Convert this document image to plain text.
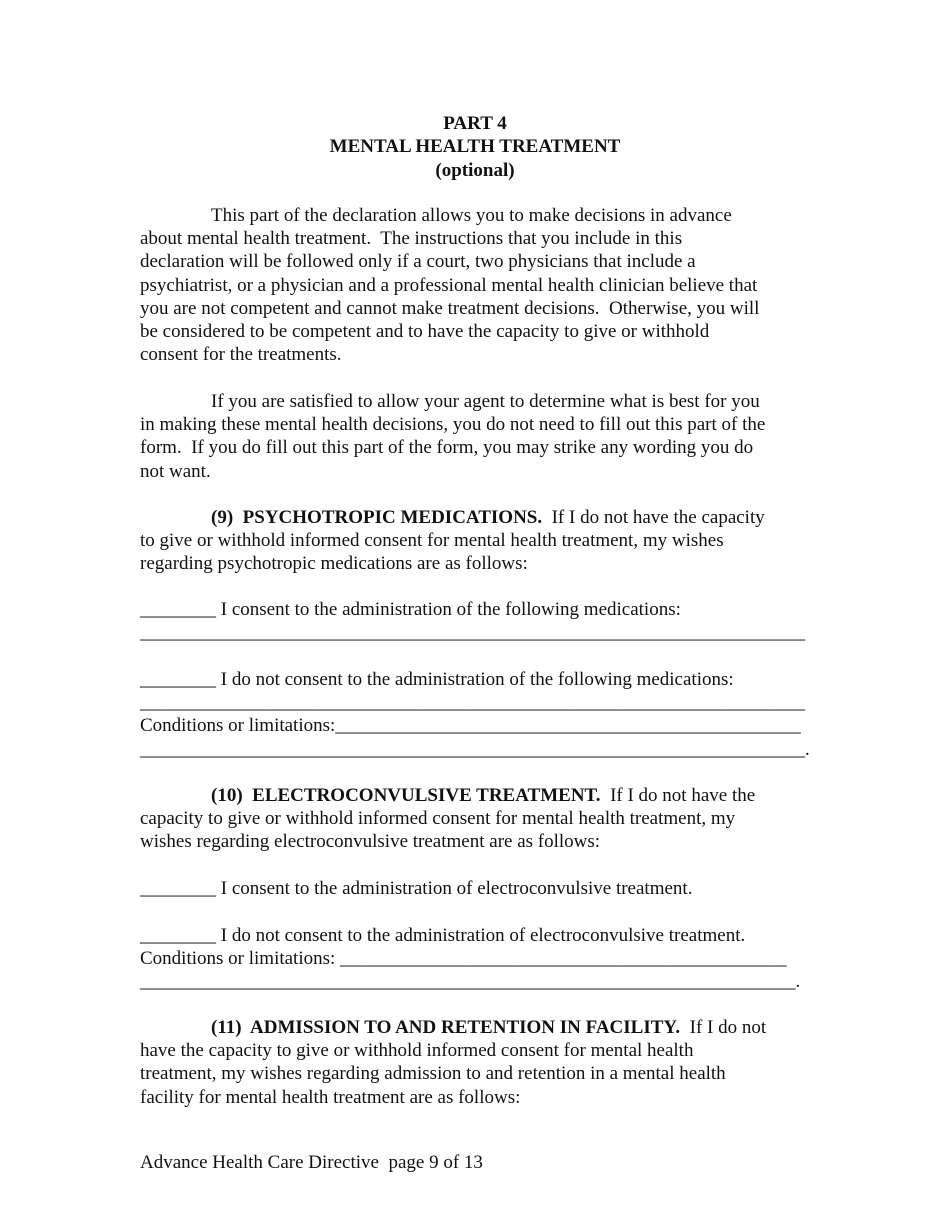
PART 4
MENTAL HEALTH TREATMENT
(optional)
This part of the declaration allows you to make decisions in advance
about mental health treatment.  The instructions that you include in this
declaration will be followed only if a court, two physicians that include a
psychiatrist, or a physician and a professional mental health clinician believe that
you are not competent and cannot make treatment decisions.  Otherwise, you will
be considered to be competent and to have the capacity to give or withhold
consent for the treatments.
If you are satisfied to allow your agent to determine what is best for you
in making these mental health decisions, you do not need to fill out this part of the
form.  If you do fill out this part of the form, you may strike any wording you do
not want.
(9)  PSYCHOTROPIC MEDICATIONS.  If I do not have the capacity
to give or withhold informed consent for mental health treatment, my wishes
regarding psychotropic medications are as follows:
________ I consent to the administration of the following medications:
______________________________________________________________________
________ I do not consent to the administration of the following medications:
______________________________________________________________________
Conditions or limitations:_________________________________________________
______________________________________________________________________.
(10)  ELECTROCONVULSIVE TREATMENT.  If I do not have the
capacity to give or withhold informed consent for mental health treatment, my
wishes regarding electroconvulsive treatment are as follows:
________ I consent to the administration of electroconvulsive treatment.
________ I do not consent to the administration of electroconvulsive treatment.
Conditions or limitations: _______________________________________________
_____________________________________________________________________.
(11)  ADMISSION TO AND RETENTION IN FACILITY.  If I do not
have the capacity to give or withhold informed consent for mental health
treatment, my wishes regarding admission to and retention in a mental health
facility for mental health treatment are as follows:
Advance Health Care Directive  page 9 of 13
